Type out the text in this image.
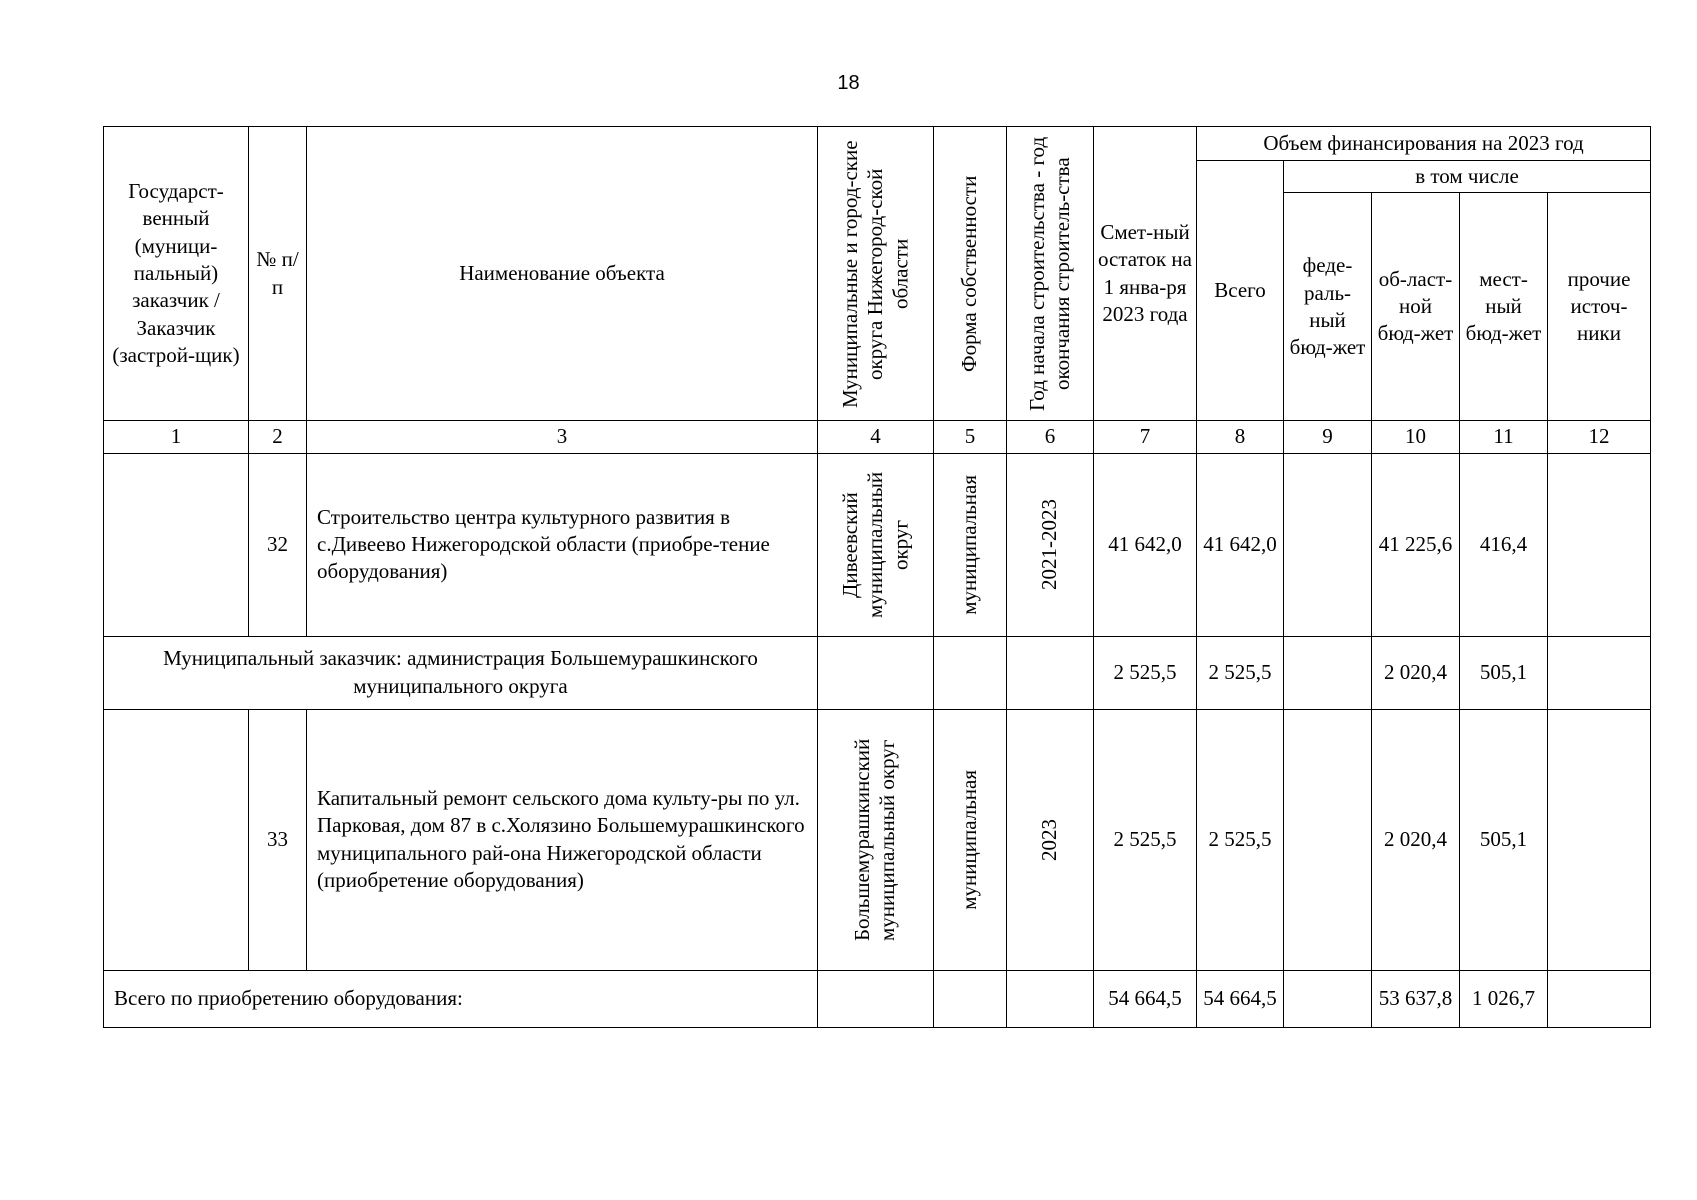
18
Государст-венный (муници-пальный) заказчик / Заказчик (застрой-щик)	№ п/п	Наименование объекта	Муниципальные и город-ские округа Нижегород-ской области	Форма собственности	Год начала строительства - год окончания строитель-ства	Смет-ный остаток на 1 янва-ря 2023 года	Объем финансирования на 2023 год				
							Всего	в том числе			
								феде-раль-ный бюд-жет	об-ласт-ной бюд-жет	мест-ный бюд-жет	прочие источ-ники
1	2	3	4	5	6	7	8	9	10	11	12
	32	Строительство центра культурного развития в с.Дивеево Нижегородской области (приобре-тение оборудования)	Дивеевский муниципальный округ	муниципальная	2021-2023	41 642,0	41 642,0		41 225,6	416,4	
Муниципальный заказчик: администрация Большемурашкинского муниципального округа						2 525,5	2 525,5		2 020,4	505,1	
	33	Капитальный ремонт сельского дома культу-ры по ул. Парковая, дом 87 в с.Холязино Большемурашкинского муниципального рай-она Нижегородской области (приобретение оборудования)	Большемурашкинский муниципальный округ	муниципальная	2023	2 525,5	2 525,5		2 020,4	505,1	
Всего по приобретению оборудования:						54 664,5	54 664,5		53 637,8	1 026,7	
